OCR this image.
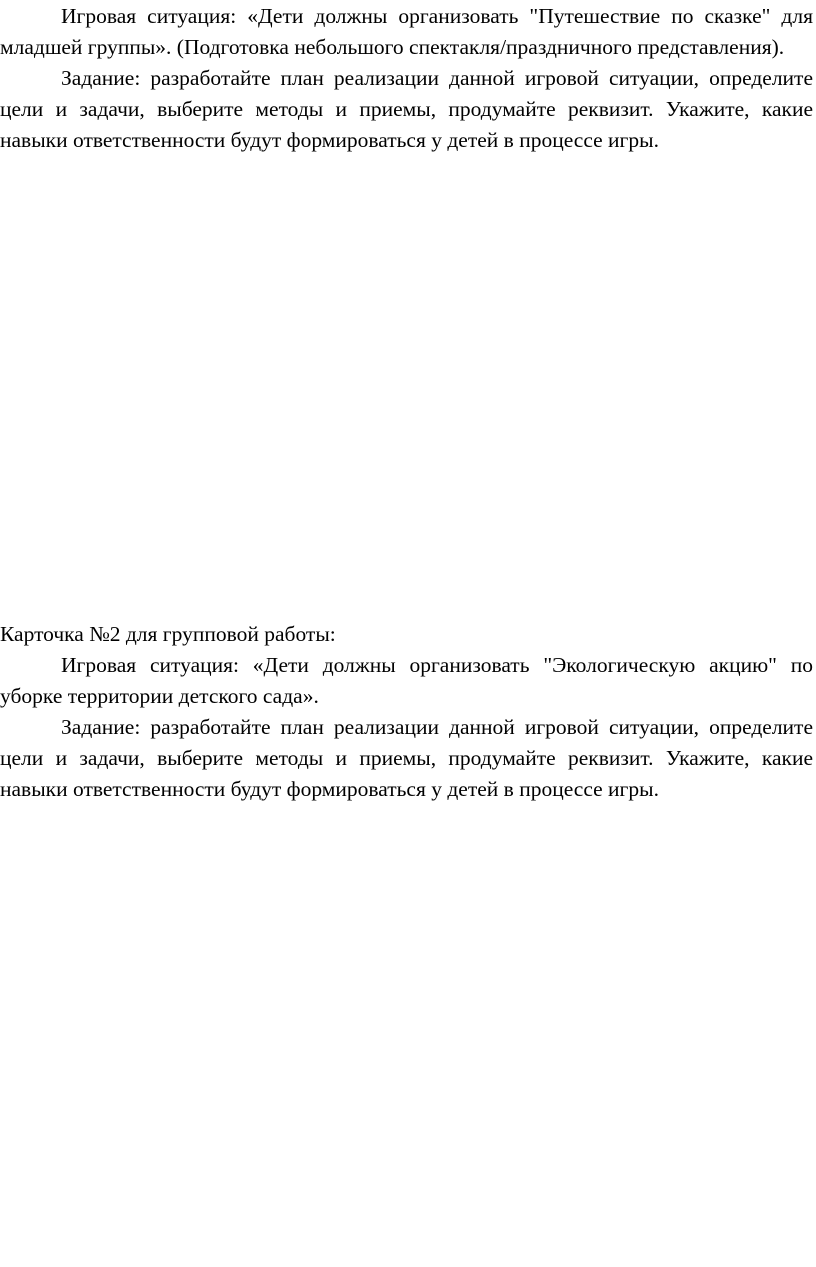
Игровая ситуация: «Дети должны организовать "Путешествие по сказке" для младшей группы». (Подготовка небольшого спектакля/праздничного представления).

Задание: разработайте план реализации данной игровой ситуации, определите цели и задачи, выберите методы и приемы, продумайте реквизит. Укажите, какие навыки ответственности будут формироваться у детей в процессе игры.

Карточка №2 для групповой работы:

Игровая ситуация: «Дети должны организовать "Экологическую акцию" по уборке территории детского сада».

Задание: разработайте план реализации данной игровой ситуации, определите цели и задачи, выберите методы и приемы, продумайте реквизит. Укажите, какие навыки ответственности будут формироваться у детей в процессе игры.
